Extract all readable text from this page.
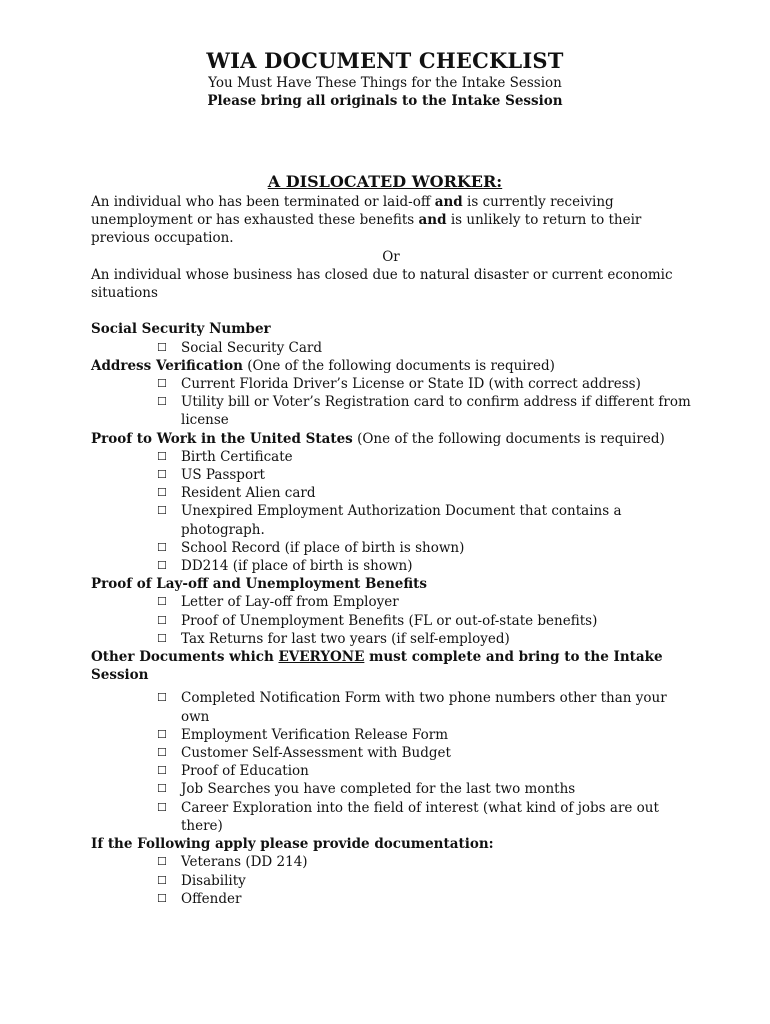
WIA DOCUMENT CHECKLIST
You Must Have These Things for the Intake Session
Please bring all originals to the Intake Session
A DISLOCATED WORKER:

An individual who has been terminated or laid-off and is currently receiving unemployment or has exhausted these benefits and is unlikely to return to their previous occupation.

Or

An individual whose business has closed due to natural disaster or current economic situations

Social Security Number

☐	Social Security Card

Address Verification (One of the following documents is required)

☐	Current Florida Driver’s License or State ID (with correct address)
☐	Utility bill or Voter’s Registration card to confirm address if different from license

Proof to Work in the United States (One of the following documents is required)

☐	Birth Certificate
☐	US Passport
☐	Resident Alien card
☐	Unexpired Employment Authorization Document that contains a photograph.
☐	School Record (if place of birth is shown)
☐	DD214 (if place of birth is shown)

Proof of Lay-off and Unemployment Benefits

☐	Letter of Lay-off from Employer
☐	Proof of Unemployment Benefits (FL or out-of-state benefits)
☐	Tax Returns for last two years (if self-employed)

Other Documents which EVERYONE must complete and bring to the Intake Session

☐	Completed Notification Form with two phone numbers other than your own
☐	Employment Verification Release Form
☐	Customer Self-Assessment with Budget
☐	Proof of Education
☐	Job Searches you have completed for the last two months
☐	Career Exploration into the field of interest (what kind of jobs are out there)

If the Following apply please provide documentation:

☐	Veterans (DD 214)
☐	Disability
☐	Offender
